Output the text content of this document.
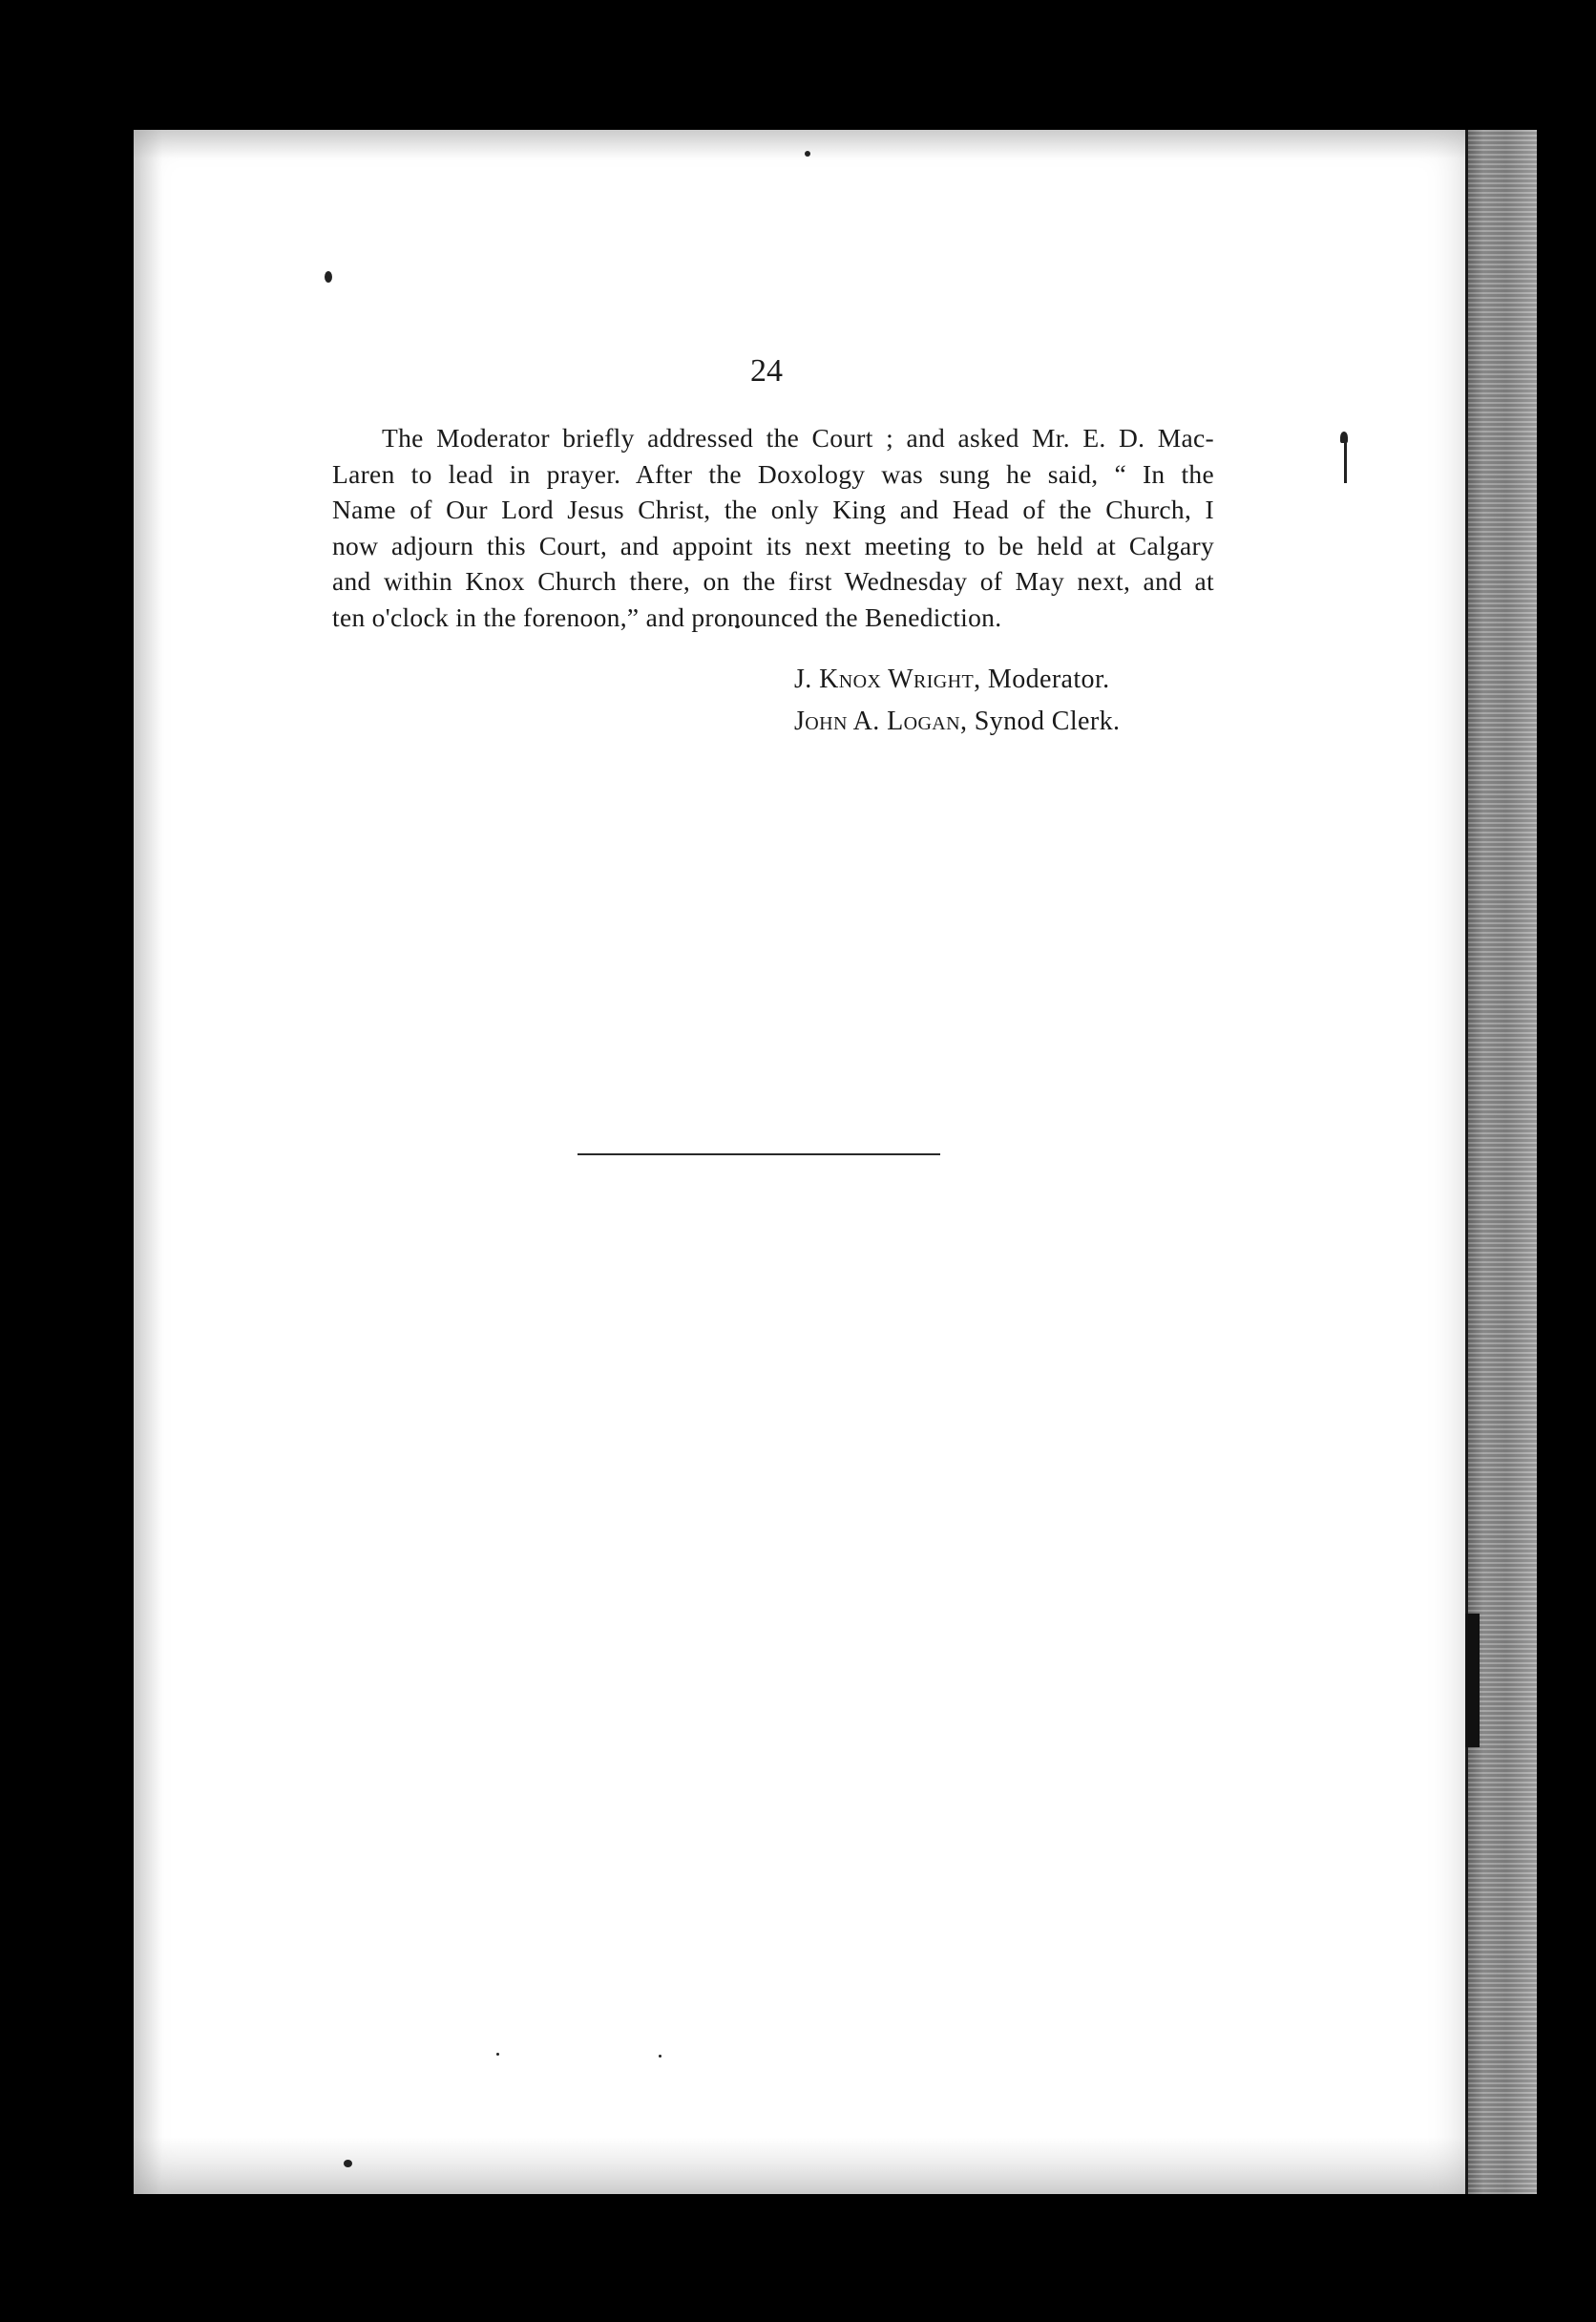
24

The Moderator briefly addressed the Court ; and asked Mr. E. D. Mac-
Laren to lead in prayer. After the Doxology was sung he said, “ In the
Name of Our Lord Jesus Christ, the only King and Head of the Church, I
now adjourn this Court, and appoint its next meeting to be held at Calgary
and within Knox Church there, on the first Wednesday of May next, and at
ten o'clock in the forenoon,” and pronounced the Benediction.

J. Knox Wright, Moderator.
John A. Logan, Synod Clerk.
